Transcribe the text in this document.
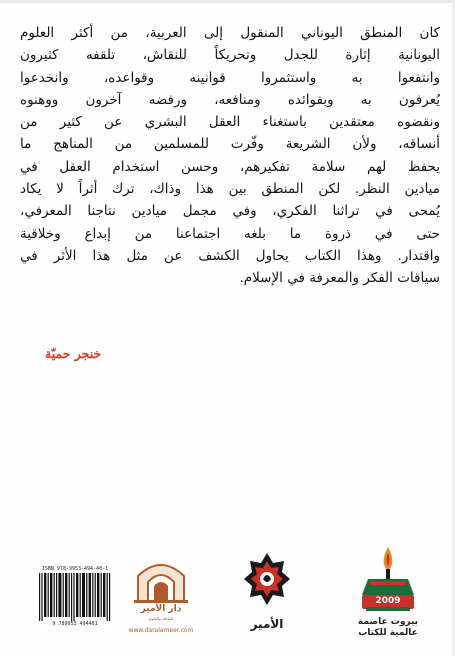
كان المنطق اليوناني المنقول إلى العربية، من أكثر العلوم
اليونانية إثارة للجدل وتحريكاً للنقاش، تلقفه كثيرون
وانتفعوا به واستثمروا قوانينه وقواعده، وانخدعوا
يُعرفون به وبفوائده ومنافعه، ورفضه آخرون ووهنوه
ونقضوه معتقدين باستغناء العقل البشري عن كثير من
أنساقه، ولأن الشريعة وفّرت للمسلمين من المناهج ما
يحفظ لهم سلامة تفكيرهم، وحسن استخدام العقل في
ميادين النظر. لكن المنطق بين هذا وذاك، ترك أثراً لا يكاد
يُمحى في تراثنا الفكري، وفي مجمل ميادين نتاجنا المعرفي،
حتى في ذروة ما بلغه اجتماعنا من إبداع وخلاقية
واقتدار. وهذا الكتاب يحاول الكشف عن مثل هذا الأثر في
سياقات الفكر والمعرفة في الإسلام.
خنجر حميّة
2009
بيروت عاصمة
عالمية للكتاب
الأمير
دار الأمير
للثقافة والعلوم
www.daralameer.com
ISBN 978-9953-494-40-1
9 789953 494401
